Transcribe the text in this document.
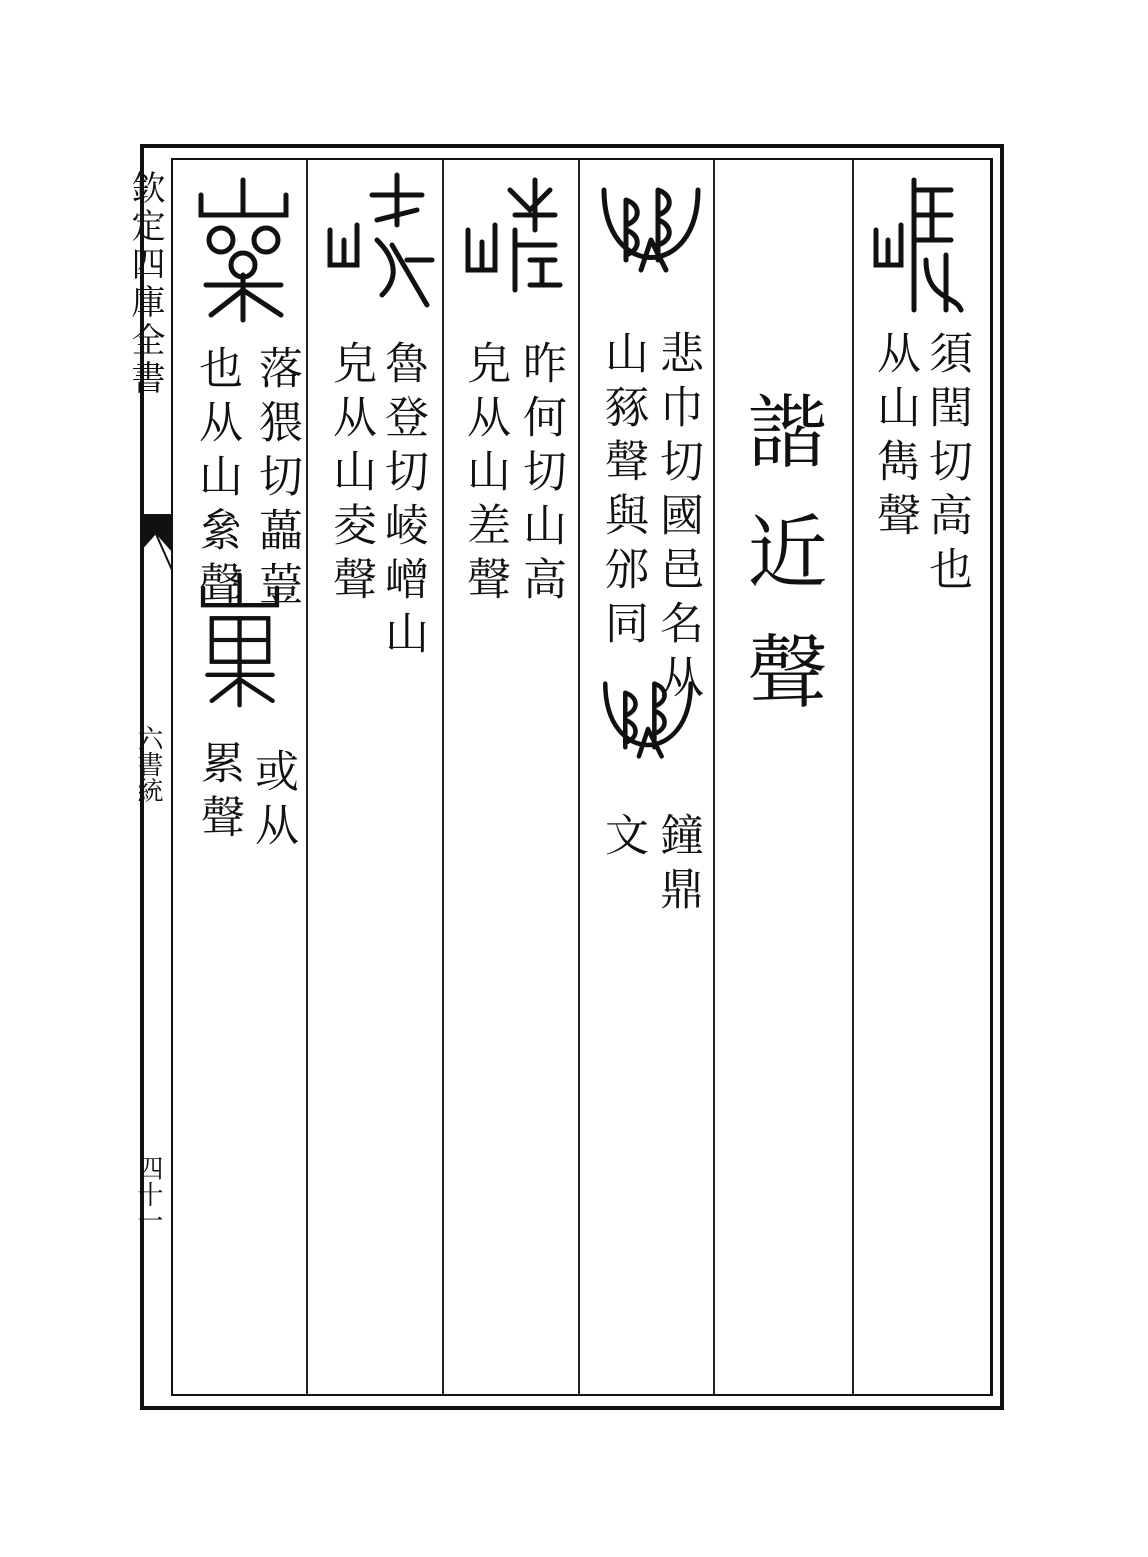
欽定四庫全書
六書統
四十一
諧近聲 須閏切高也
从山雋聲
悲巾切國邑名从
山豩聲與邠同
鐘鼎
文
昨何切山高
皃从山差聲
魯登切崚嶒山
皃从山夌聲
落猥切藟䔇
也从山絫聲
或从
累聲
